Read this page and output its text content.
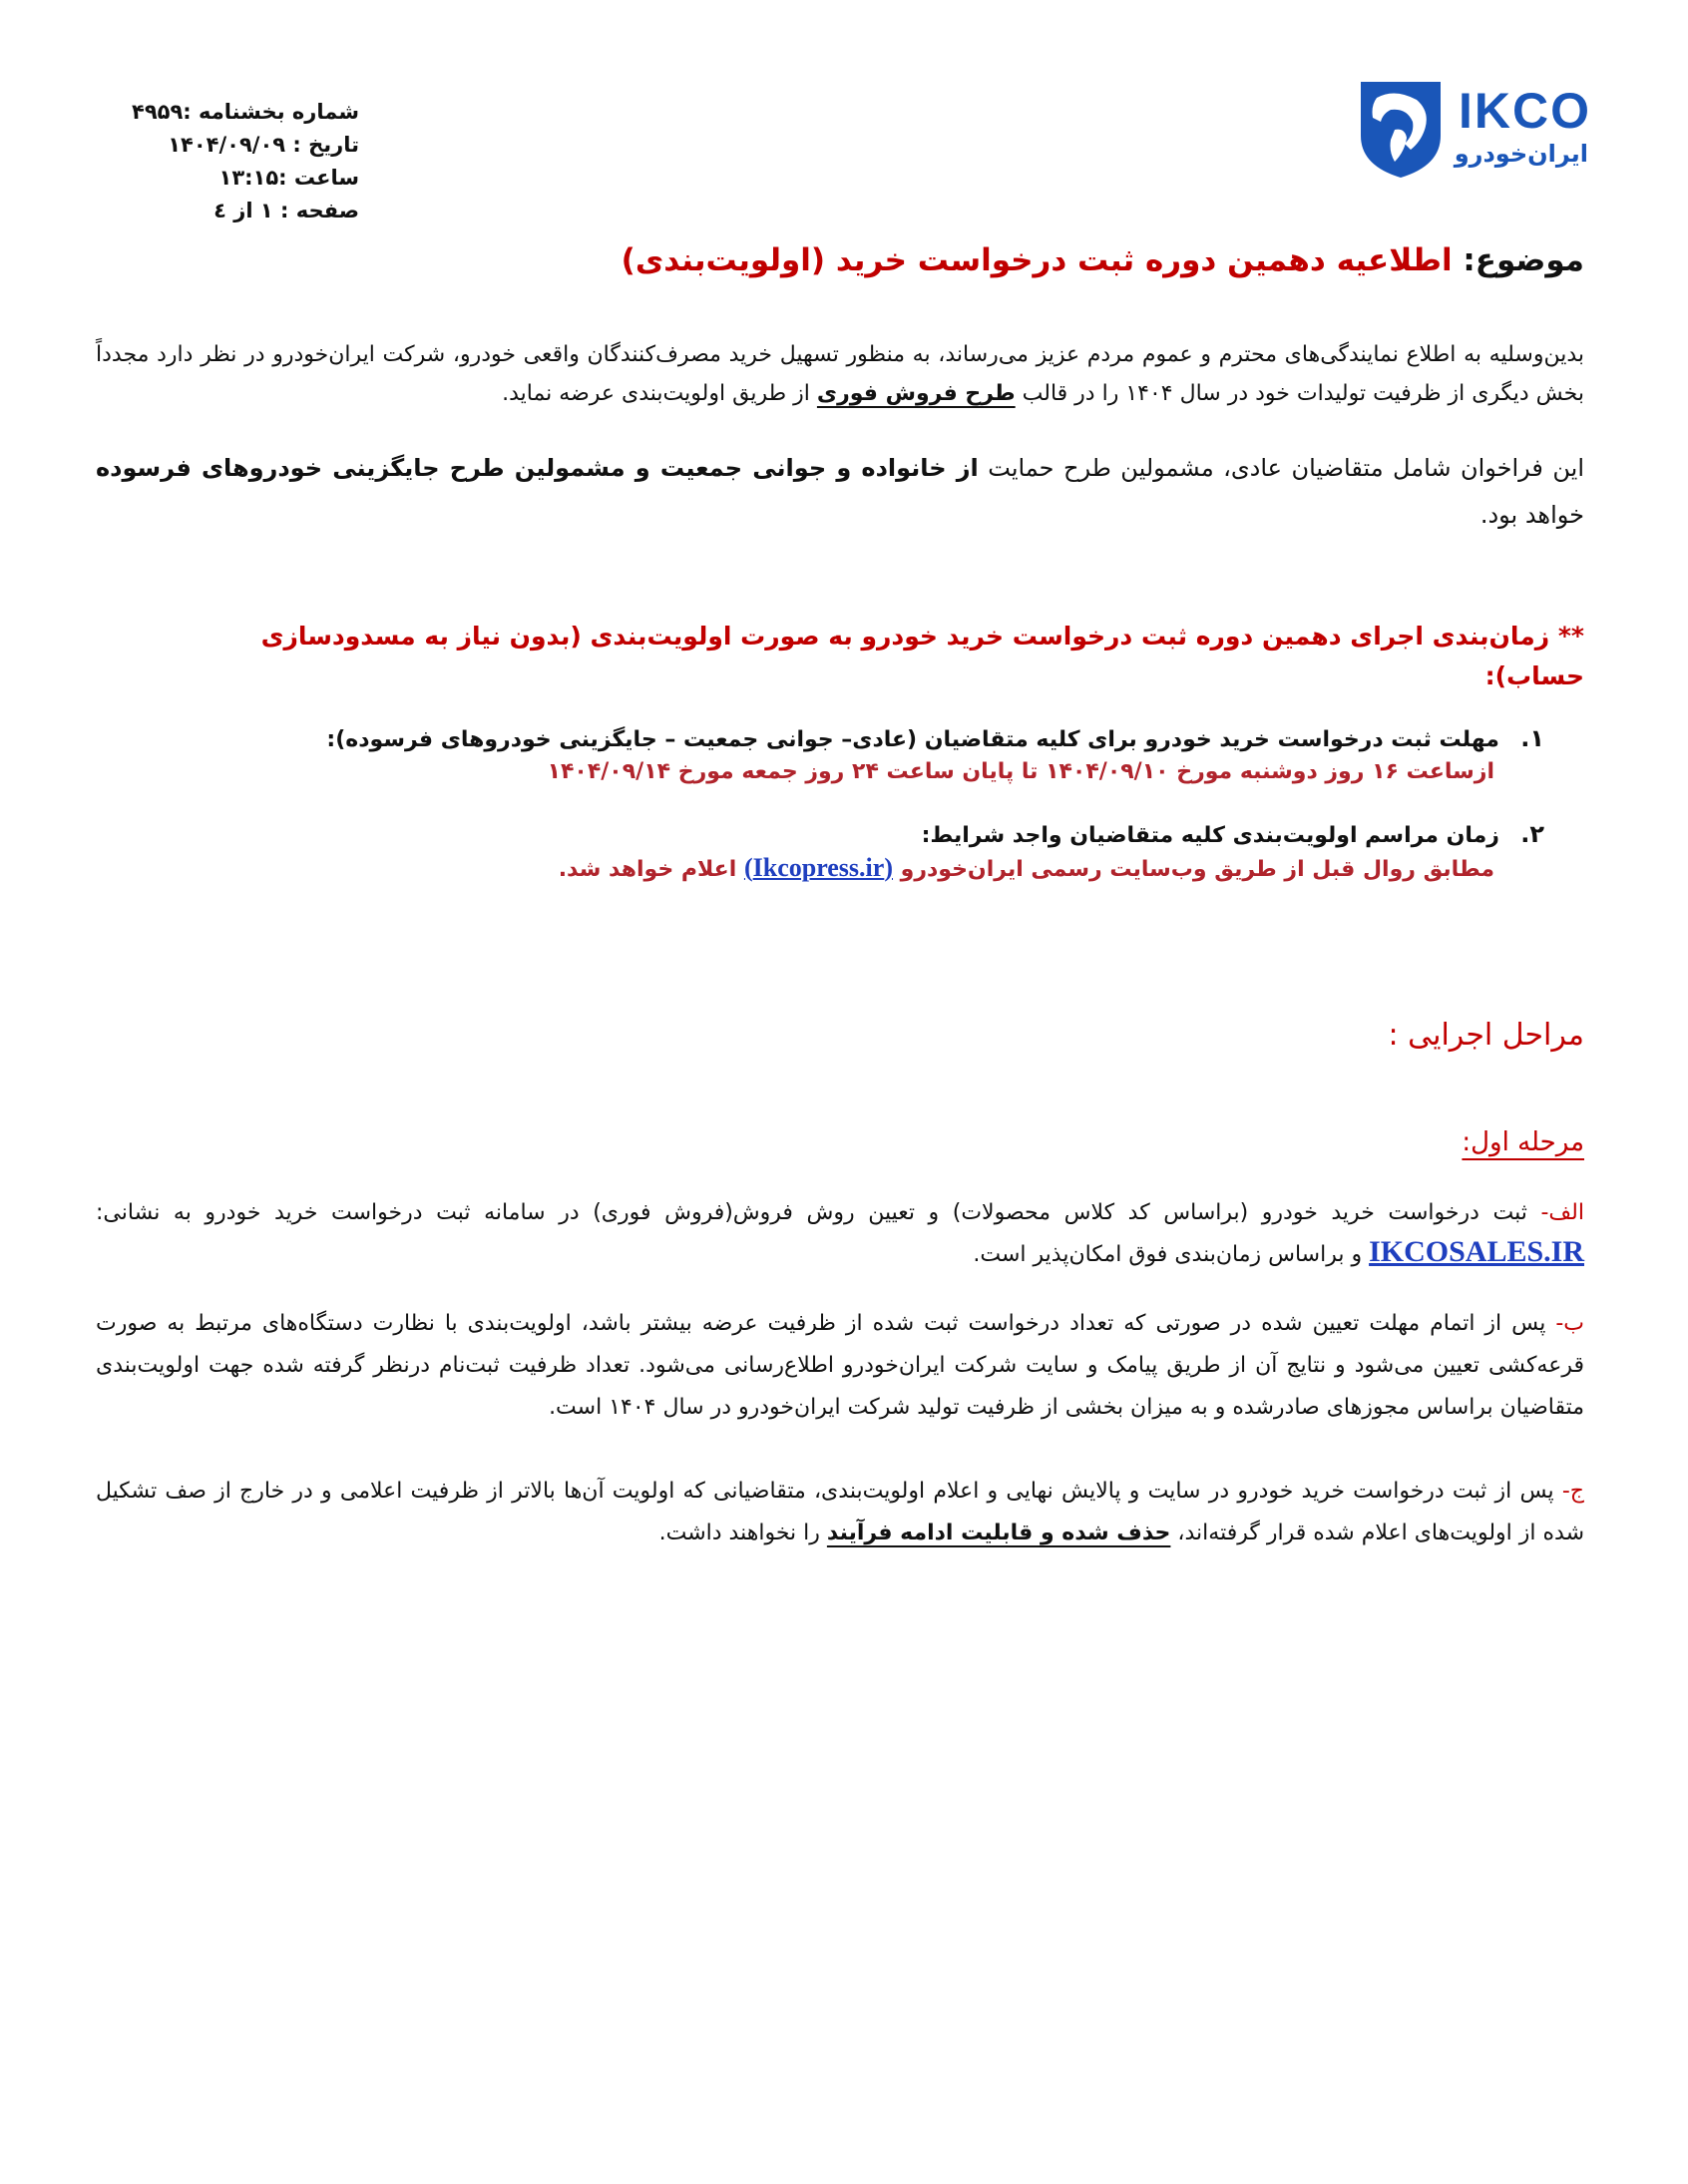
IKCO
ایران‌خودرو
شماره بخشنامه :۴۹۵۹
تاریخ : ۱۴۰۴/۰۹/۰۹
ساعت :۱۳:۱۵
صفحه : ۱ از ٤
موضوع: اطلاعیه دهمین دوره ثبت درخواست خرید (اولویت‌بندی)
بدین‌وسلیه به اطلاع نمایندگی‌های محترم و عموم مردم عزیز می‌رساند، به منظور تسهیل خرید مصرف‌کنندگان واقعی خودرو، شرکت ایران‌خودرو در نظر دارد مجدداً بخش دیگری از ظرفیت تولیدات خود در سال ۱۴۰۴ را در قالب طرح فروش فوری از طریق اولویت‌بندی عرضه نماید.
این فراخوان شامل متقاضیان عادی، مشمولین طرح حمایت از خانواده و جوانی جمعیت و مشمولین طرح جایگزینی خودروهای فرسوده خواهد بود.
** زمان‌بندی اجرای دهمین دوره ثبت درخواست خرید خودرو به صورت اولویت‌بندی (بدون نیاز به مسدودسازی حساب):
۱. مهلت ثبت درخواست خرید خودرو برای کلیه متقاضیان (عادی– جوانی جمعیت – جایگزینی خودروهای فرسوده):
ازساعت ۱۶ روز دوشنبه مورخ ۱۴۰۴/۰۹/۱۰ تا پایان ساعت ۲۴ روز جمعه مورخ ۱۴۰۴/۰۹/۱۴
۲. زمان مراسم اولویت‌بندی کلیه متقاضیان واجد شرایط:
مطابق روال قبل از طریق وب‌سایت رسمی ایران‌خودرو (Ikcopress.ir) اعلام خواهد شد.
مراحل اجرایی :
مرحله اول:
الف- ثبت درخواست خرید خودرو (براساس کد کلاس محصولات) و تعیین روش فروش(فروش فوری) در سامانه ثبت درخواست خرید خودرو به نشانی: IKCOSALES.IR و براساس زمان‌بندی فوق امکان‌پذیر است.
ب- پس از اتمام مهلت تعیین شده در صورتی که تعداد درخواست ثبت شده از ظرفیت عرضه بیشتر باشد، اولویت‌بندی با نظارت دستگاه‌های مرتبط به صورت قرعه‌کشی تعیین می‌شود و نتایج آن از طریق پیامک و سایت شرکت ایران‌خودرو اطلاع‌رسانی می‌شود. تعداد ظرفیت ثبت‌نام درنظر گرفته شده جهت اولویت‌بندی متقاضیان براساس مجوزهای صادرشده و به میزان بخشی از ظرفیت تولید شرکت ایران‌خودرو در سال ۱۴۰۴ است.
ج- پس از ثبت درخواست خرید خودرو در سایت و پالایش نهایی و اعلام اولویت‌بندی، متقاضیانی که اولویت آن‌ها بالاتر از ظرفیت اعلامی و در خارج از صف تشکیل شده از اولویت‌های اعلام شده قرار گرفته‌اند، حذف شده و قابلیت ادامه فرآیند را نخواهند داشت.
